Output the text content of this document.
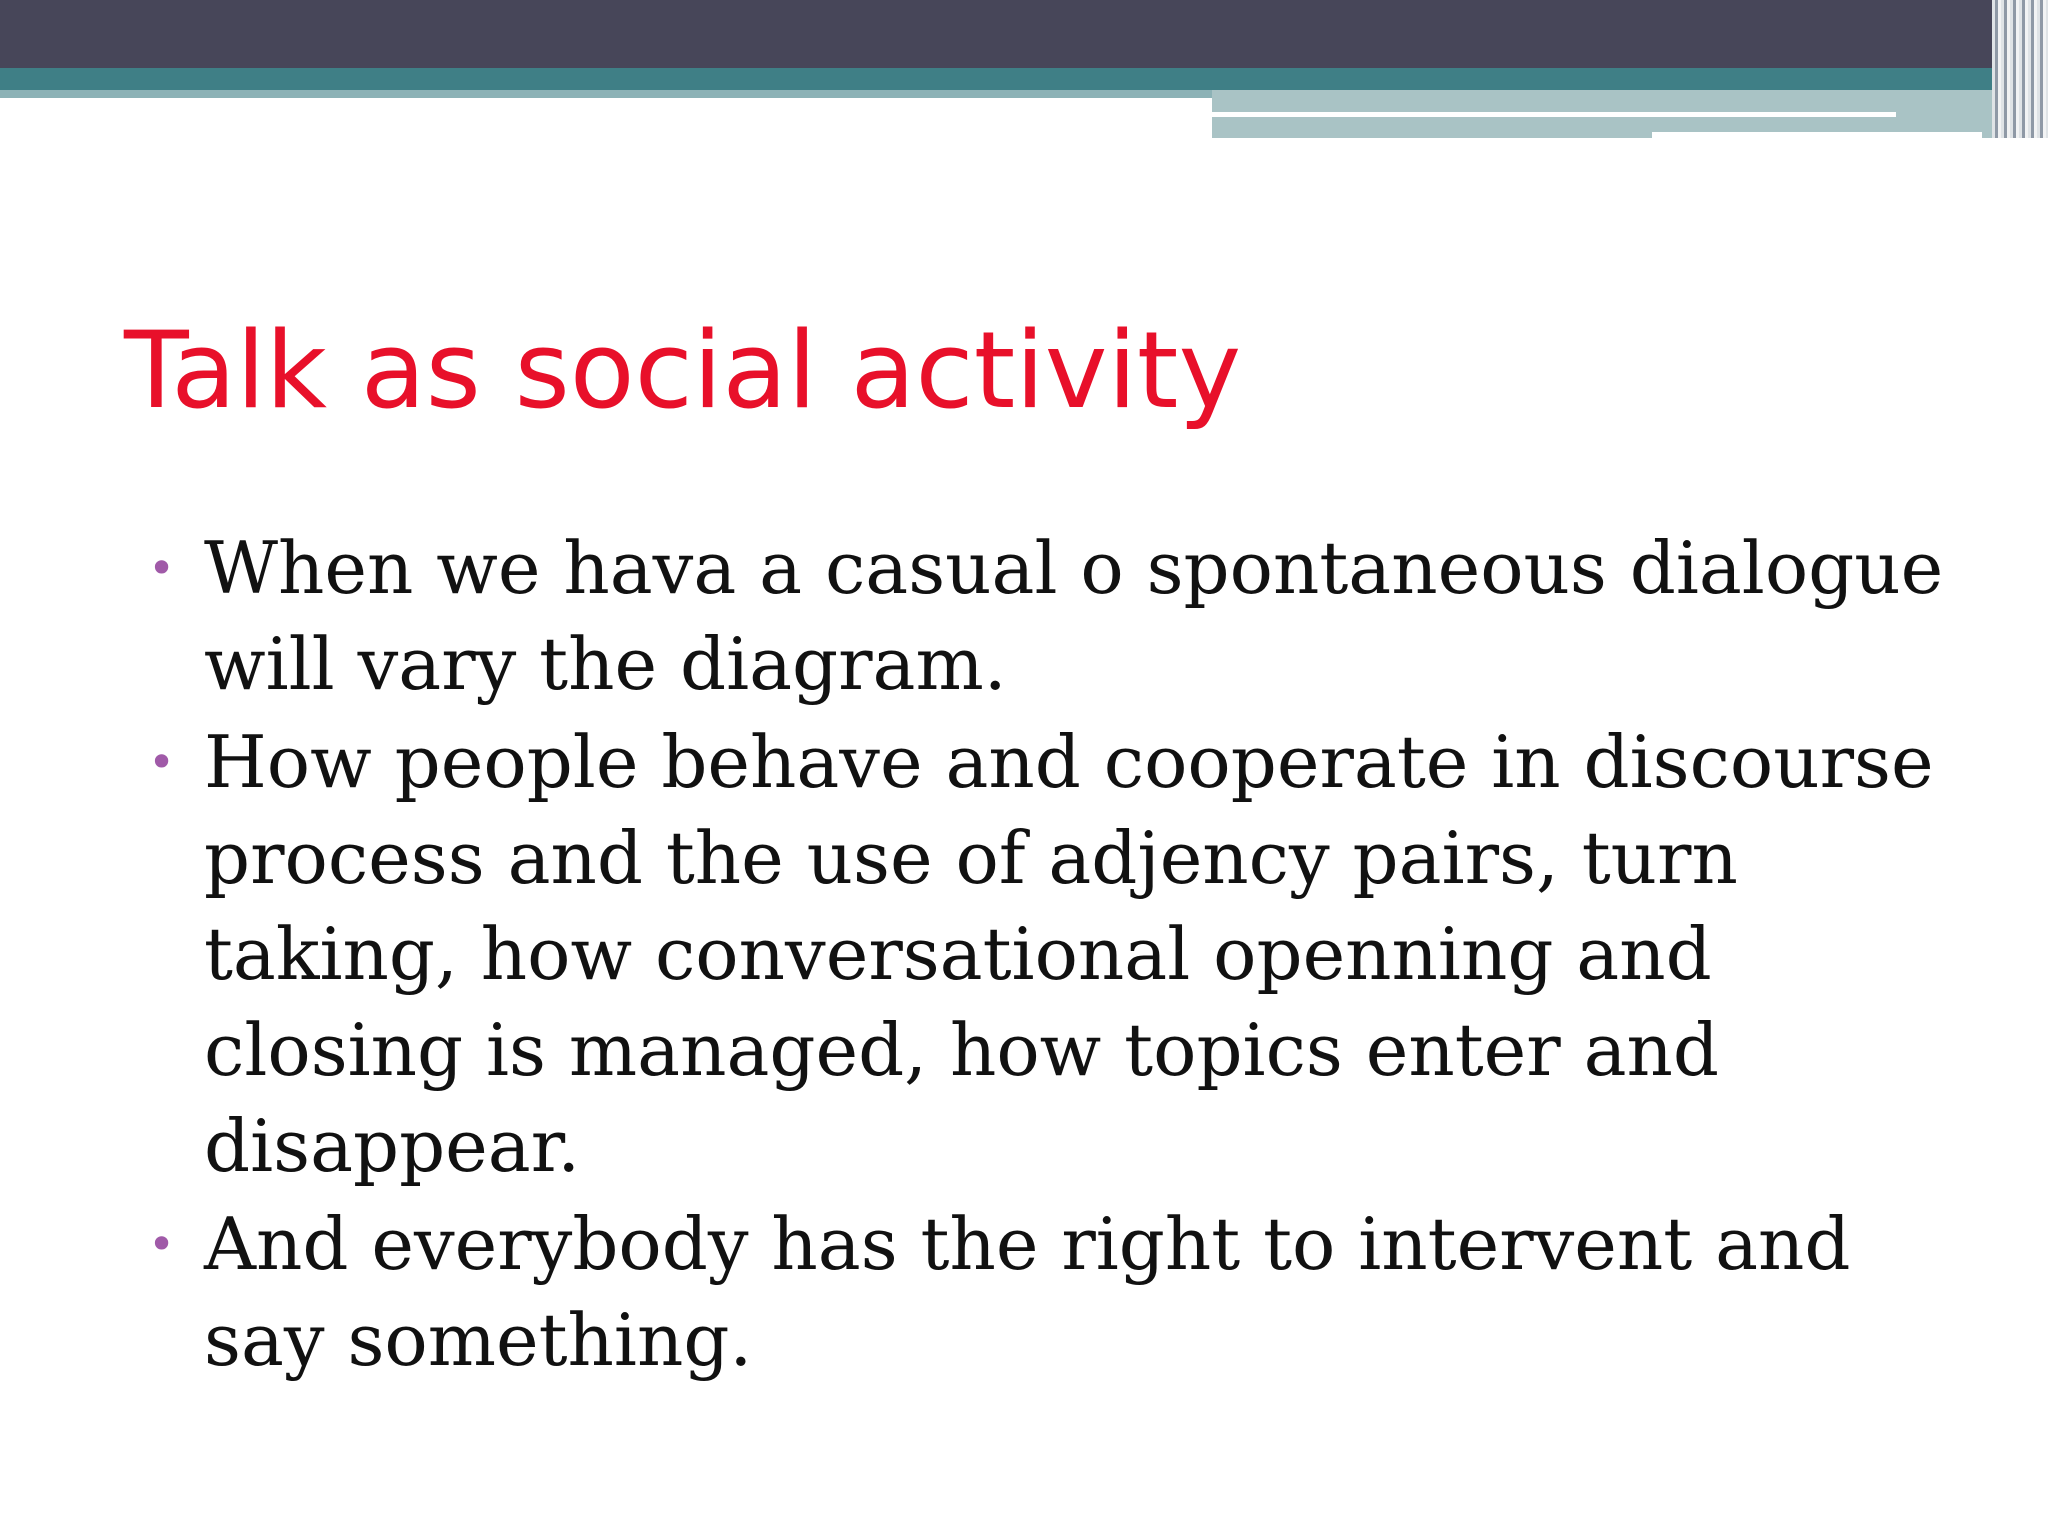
Talk as social activity
• When we hava a casual o spontaneous dialogue will vary the diagram.
• How people behave and cooperate in discourse process and the use of adjency pairs, turn taking, how conversational openning and closing is managed, how topics enter and disappear.
• And everybody has the right to intervent and say something.
